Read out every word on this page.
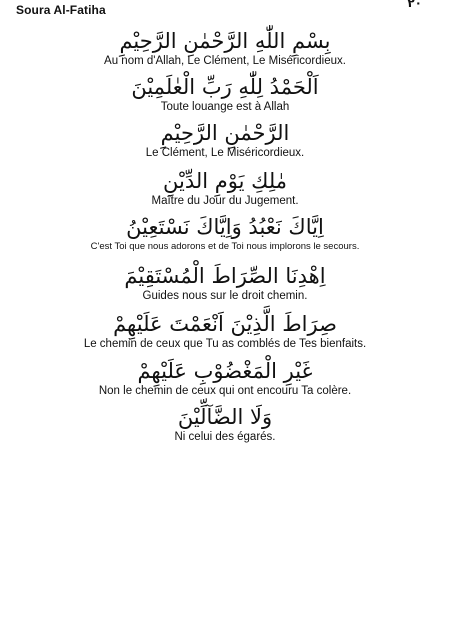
Soura Al-Fatiha	٢٠
بِسْمِ اللّٰهِ الرَّحْمٰنِ الرَّحِيْمِ
Au nom d'Allah, Le Clément, Le Miséricordieux.
اَلْحَمْدُ لِلّٰهِ رَبِّ الْعٰلَمِيْنَ
Toute louange est à Allah
الرَّحْمٰنِ الرَّحِيْمِ
Le Clément, Le Miséricordieux.
مٰلِكِ يَوْمِ الدِّيْنِ
Maître du Jour du Jugement.
اِيَّاكَ نَعْبُدُ وَاِيَّاكَ نَسْتَعِيْنُ
C'est Toi que nous adorons et de Toi nous implorons le secours.
اِهْدِنَا الصِّرَاطَ الْمُسْتَقِيْمَ
Guides nous sur le droit chemin.
صِرَاطَ الَّذِيْنَ اَنْعَمْتَ عَلَيْهِمْ
Le chemin de ceux que Tu as comblés de Tes bienfaits.
غَيْرِ الْمَغْضُوْبِ عَلَيْهِمْ
Non le chemin de ceux qui ont encouru Ta colère.
وَلَا الضَّآلِّيْنَ
Ni celui des égarés.
